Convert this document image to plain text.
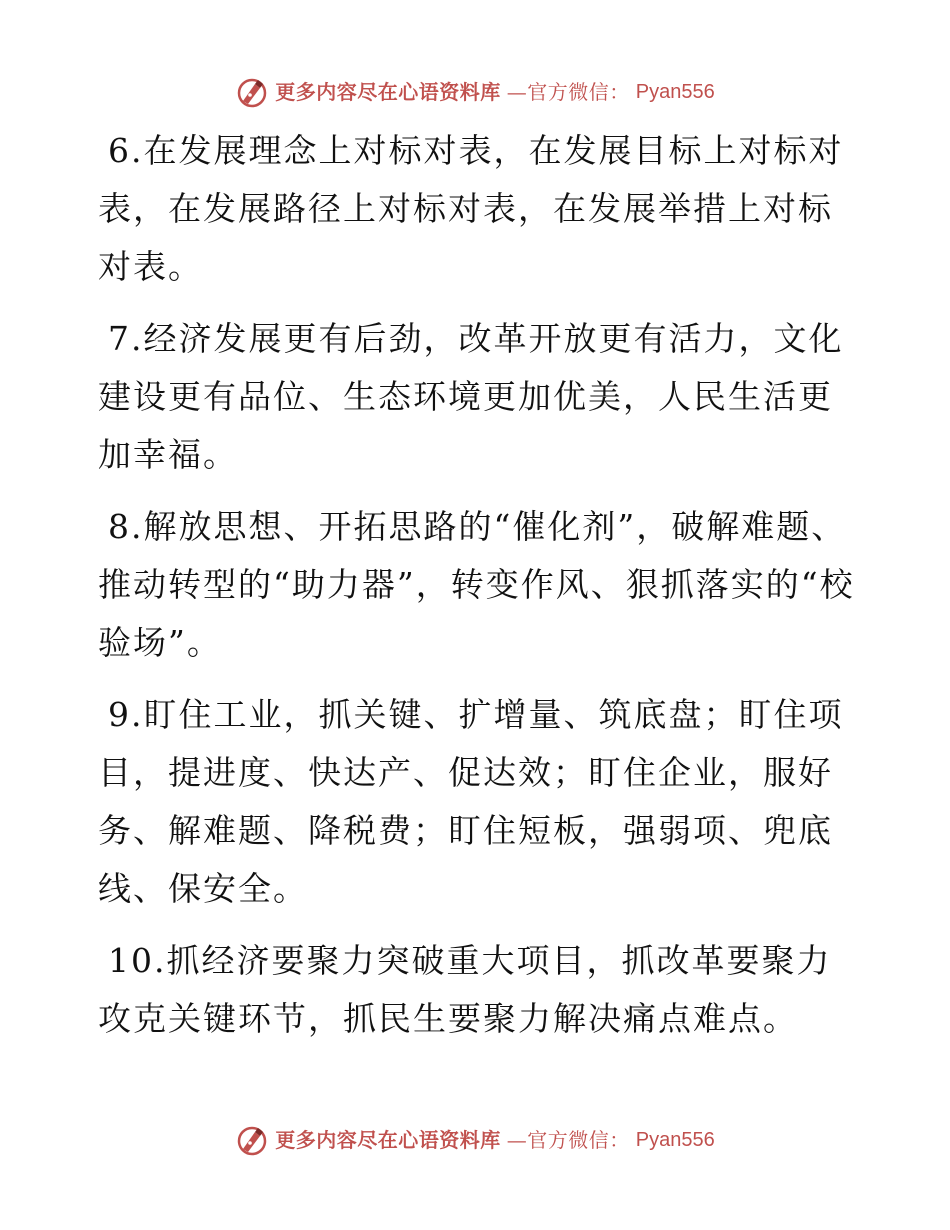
更多内容尽在心语资料库 —官方微信： Pyan556

6.在发展理念上对标对表，在发展目标上对标对表，在发展路径上对标对表，在发展举措上对标对表。

7.经济发展更有后劲，改革开放更有活力，文化建设更有品位、生态环境更加优美，人民生活更加幸福。

8.解放思想、开拓思路的“催化剂”，破解难题、推动转型的“助力器”，转变作风、狠抓落实的“校验场”。

9.盯住工业，抓关键、扩增量、筑底盘；盯住项目，提进度、快达产、促达效；盯住企业，服好务、解难题、降税费；盯住短板，强弱项、兜底线、保安全。

10.抓经济要聚力突破重大项目，抓改革要聚力攻克关键环节，抓民生要聚力解决痛点难点。

更多内容尽在心语资料库 —官方微信： Pyan556
